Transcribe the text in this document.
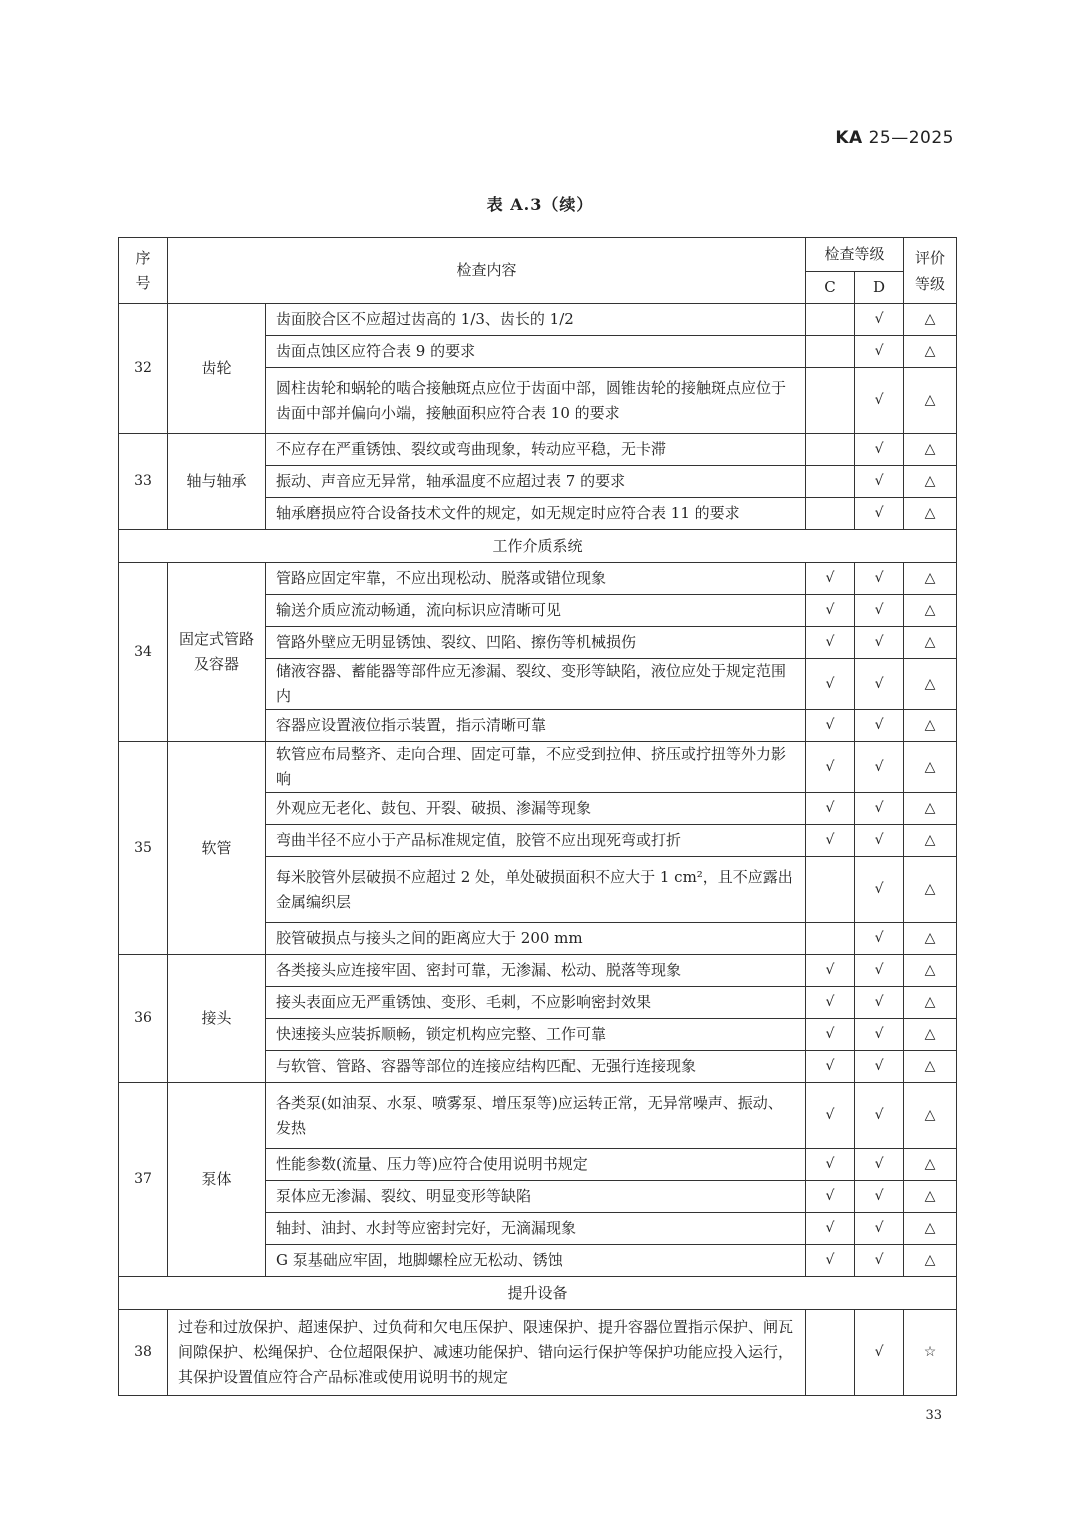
KA 25—2025
表 A.3（续）
序号	检查内容		检查等级		评价等级
			C	D	
32	齿轮	齿面胶合区不应超过齿高的 1/3、齿长的 1/2		√	△
		齿面点蚀区应符合表 9 的要求		√	△
		圆柱齿轮和蜗轮的啮合接触斑点应位于齿面中部，圆锥齿轮的接触斑点应位于齿面中部并偏向小端，接触面积应符合表 10 的要求		√	△
33	轴与轴承	不应存在严重锈蚀、裂纹或弯曲现象，转动应平稳，无卡滞		√	△
		振动、声音应无异常，轴承温度不应超过表 7 的要求		√	△
		轴承磨损应符合设备技术文件的规定，如无规定时应符合表 11 的要求		√	△
工作介质系统					
34	固定式管路及容器	管路应固定牢靠，不应出现松动、脱落或错位现象	√	√	△
		输送介质应流动畅通，流向标识应清晰可见	√	√	△
		管路外壁应无明显锈蚀、裂纹、凹陷、擦伤等机械损伤	√	√	△
		储液容器、蓄能器等部件应无渗漏、裂纹、变形等缺陷，液位应处于规定范围内	√	√	△
		容器应设置液位指示装置，指示清晰可靠	√	√	△
35	软管	软管应布局整齐、走向合理、固定可靠，不应受到拉伸、挤压或拧扭等外力影响	√	√	△
		外观应无老化、鼓包、开裂、破损、渗漏等现象	√	√	△
		弯曲半径不应小于产品标准规定值，胶管不应出现死弯或打折	√	√	△
		每米胶管外层破损不应超过 2 处，单处破损面积不应大于 1 cm²，且不应露出金属编织层		√	△
		胶管破损点与接头之间的距离应大于 200 mm		√	△
36	接头	各类接头应连接牢固、密封可靠，无渗漏、松动、脱落等现象	√	√	△
		接头表面应无严重锈蚀、变形、毛刺，不应影响密封效果	√	√	△
		快速接头应装拆顺畅，锁定机构应完整、工作可靠	√	√	△
		与软管、管路、容器等部位的连接应结构匹配、无强行连接现象	√	√	△
37	泵体	各类泵(如油泵、水泵、喷雾泵、增压泵等)应运转正常，无异常噪声、振动、发热	√	√	△
		性能参数(流量、压力等)应符合使用说明书规定	√	√	△
		泵体应无渗漏、裂纹、明显变形等缺陷	√	√	△
		轴封、油封、水封等应密封完好，无滴漏现象	√	√	△
		G 泵基础应牢固，地脚螺栓应无松动、锈蚀	√	√	△
提升设备					
38	过卷和过放保护、超速保护、过负荷和欠电压保护、限速保护、提升容器位置指示保护、闸瓦间隙保护、松绳保护、仓位超限保护、减速功能保护、错向运行保护等保护功能应投入运行，其保护设置值应符合产品标准或使用说明书的规定			√	☆
33
